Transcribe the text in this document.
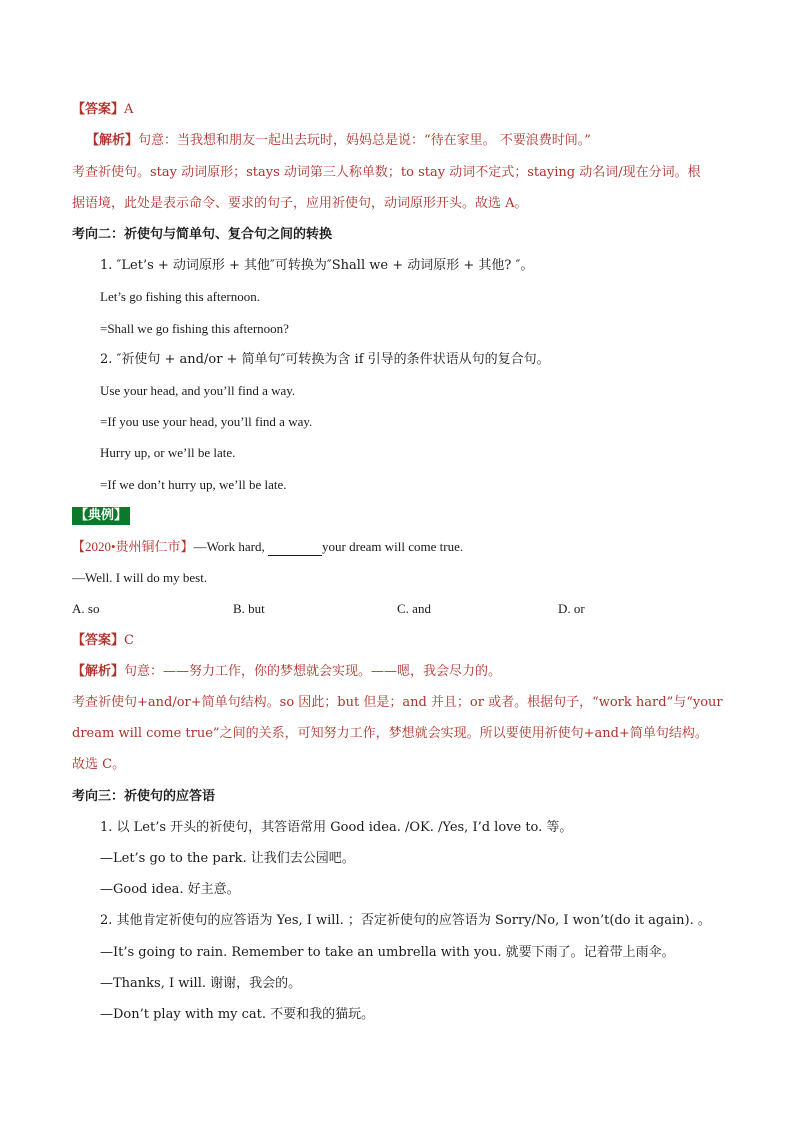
【答案】A
【解析】句意：当我想和朋友一起出去玩时，妈妈总是说：“待在家里。 不要浪费时间。”
考查祈使句。stay 动词原形；stays 动词第三人称单数；to stay 动词不定式；staying 动名词/现在分词。根
据语境，此处是表示命令、要求的句子，应用祈使句，动词原形开头。故选 A。
考向二：祈使句与简单句、复合句之间的转换
1. ″Let’s + 动词原形 + 其他″可转换为″Shall we + 动词原形 + 其他? ″。
Let’s go fishing this afternoon.
=Shall we go fishing this afternoon?
2. ″祈使句 + and/or + 简单句″可转换为含 if 引导的条件状语从句的复合句。
Use your head, and you’ll find a way.
=If you use your head, you’ll find a way.
Hurry up, or we’ll be late.
=If we don’t hurry up, we’ll be late.
【典例】
【2020•贵州铜仁市】—Work hard,	your dream will come true.
—Well. I will do my best.
A. so	B. but	C. and	D. or
【答案】C
【解析】句意：——努力工作，你的梦想就会实现。——嗯，我会尽力的。
考查祈使句+and/or+简单句结构。so 因此；but 但是；and 并且；or 或者。根据句子，“work hard”与“your
dream will come true”之间的关系，可知努力工作，梦想就会实现。所以要使用祈使句+and+简单句结构。
故选 C。
考向三：祈使句的应答语
1. 以 Let’s 开头的祈使句，其答语常用 Good idea. /OK. /Yes, I’d love to. 等。
—Let’s go to the park. 让我们去公园吧。
—Good idea. 好主意。
2. 其他肯定祈使句的应答语为 Yes, I will. ；否定祈使句的应答语为 Sorry/No, I won’t(do it again). 。
—It’s going to rain. Remember to take an umbrella with you. 就要下雨了。记着带上雨伞。
—Thanks, I will. 谢谢，我会的。
—Don’t play with my cat. 不要和我的猫玩。
